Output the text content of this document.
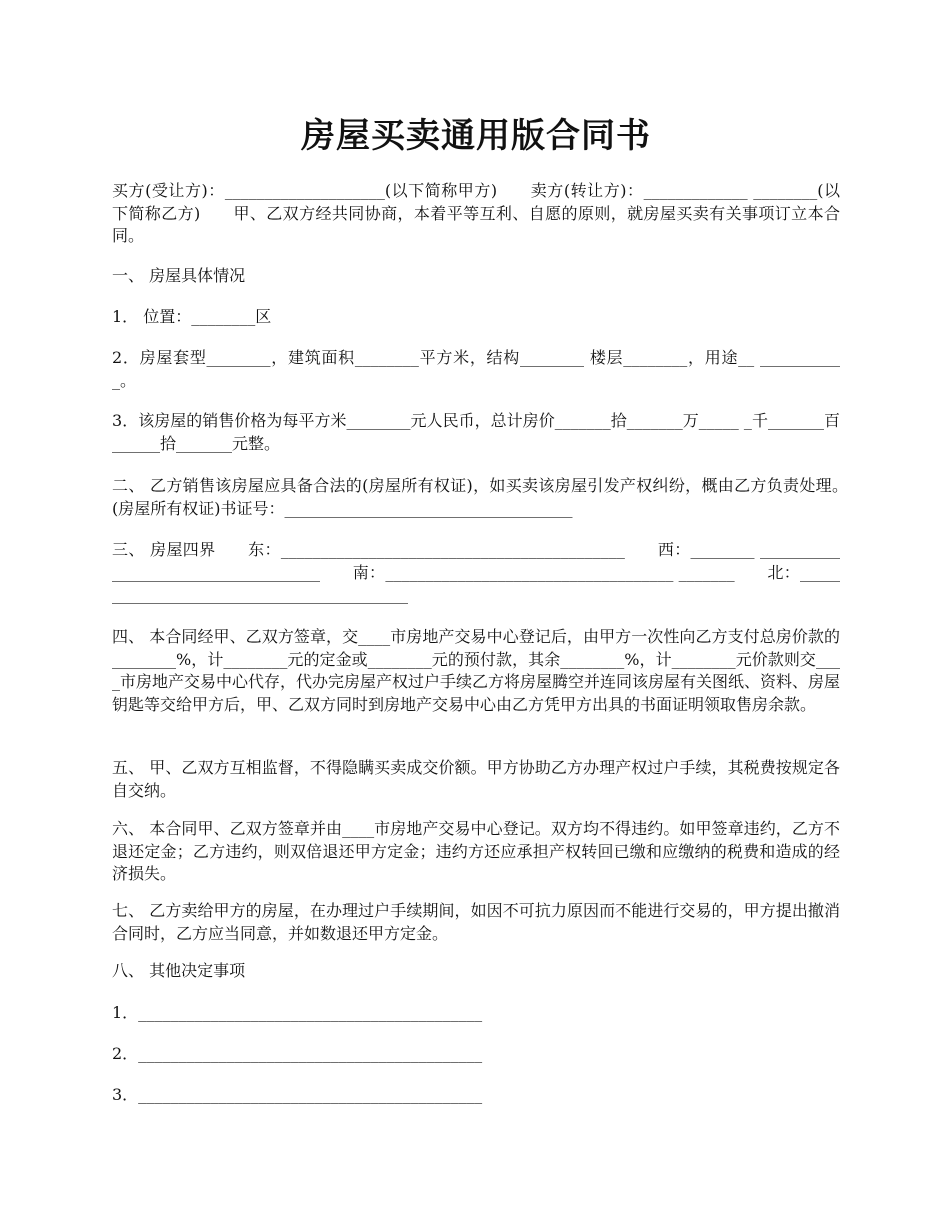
房屋买卖通用版合同书

买方(受让方)：____________________(以下简称甲方)　　卖方(转让方)：_____________ ________(以下简称乙方)　　甲、乙双方经共同协商，本着平等互利、自愿的原则，就房屋买卖有关事项订立本合同。

一、 房屋具体情况

1． 位置：________区

2．房屋套型________，建筑面积________平方米，结构________ 楼层________，用途__ ___________。

3．该房屋的销售价格为每平方米________元人民币，总计房价_______拾_______万_____ _千_______百______拾_______元整。

二、 乙方销售该房屋应具备合法的(房屋所有权证)，如买卖该房屋引发产权纠纷，概由乙方负责处理。　　(房屋所有权证)书证号：____________________________________

三、 房屋四界　　东：___________________________________________　　西：________ ____________________________________　　南：____________________________________ _______　　北：__________________________________________

四、 本合同经甲、乙双方签章，交____市房地产交易中心登记后，由甲方一次性向乙方支付总房价款的________%，计________元的定金或________元的预付款，其余________%，计________元价款则交____市房地产交易中心代存，代办完房屋产权过户手续乙方将房屋腾空并连同该房屋有关图纸、资料、房屋钥匙等交给甲方后，甲、乙双方同时到房地产交易中心由乙方凭甲方出具的书面证明领取售房余款。

五、 甲、乙双方互相监督，不得隐瞒买卖成交价额。甲方协助乙方办理产权过户手续，其税费按规定各自交纳。

六、 本合同甲、乙双方签章并由____市房地产交易中心登记。双方均不得违约。如甲签章违约，乙方不退还定金；乙方违约，则双倍退还甲方定金；违约方还应承担产权转回已缴和应缴纳的税费和造成的经济损失。

七、 乙方卖给甲方的房屋，在办理过户手续期间，如因不可抗力原因而不能进行交易的，甲方提出撤消合同时，乙方应当同意，并如数退还甲方定金。

八、 其他决定事项

1．___________________________________________

2．___________________________________________

3．___________________________________________
